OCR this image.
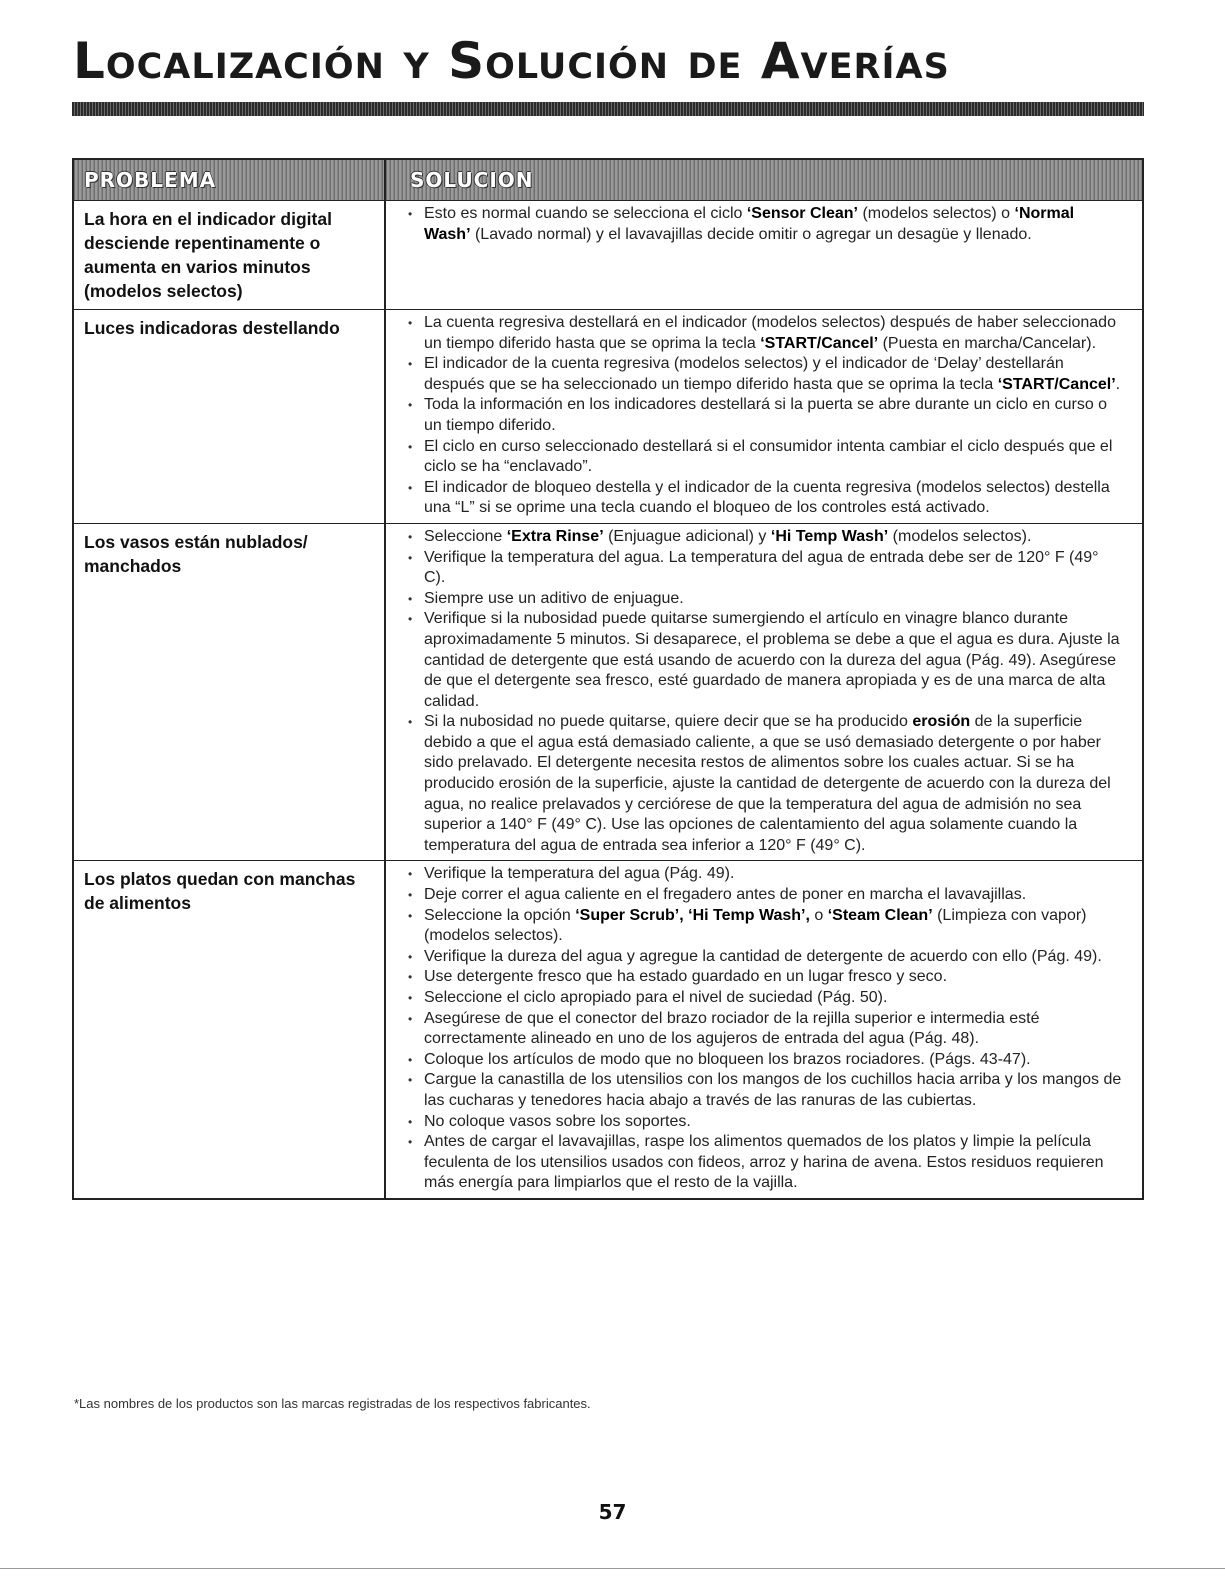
Localización y Solución de Averías
PROBLEMA	SOLUCION
La hora en el indicador digital desciende repentinamente o aumenta en varios minutos (modelos selectos)
• Esto es normal cuando se selecciona el ciclo ‘Sensor Clean’ (modelos selectos) o ‘Normal Wash’ (Lavado normal) y el lavavajillas decide omitir o agregar un desagüe y llenado.
Luces indicadoras destellando
•	La cuenta regresiva destellará en el indicador (modelos selectos) después de haber seleccionado un tiempo diferido hasta que se oprima la tecla ‘START/Cancel’ (Puesta en marcha/Cancelar).
• El indicador de la cuenta regresiva (modelos selectos) y el indicador de ‘Delay’ destellarán después que se ha seleccionado un tiempo diferido hasta que se oprima la tecla ‘START/Cancel’.
• Toda la información en los indicadores destellará si la puerta se abre durante un ciclo en curso o un tiempo diferido.
• El ciclo en curso seleccionado destellará si el consumidor intenta cambiar el ciclo después que el ciclo se ha “enclavado”.
• El indicador de bloqueo destella y el indicador de la cuenta regresiva (modelos selectos) destella una “L” si se oprime una tecla cuando el bloqueo de los controles está activado.
Los vasos están nublados/ manchados
• Seleccione ‘Extra Rinse’ (Enjuague adicional) y ‘Hi Temp Wash’ (modelos selectos).
• Verifique la temperatura del agua. La temperatura del agua de entrada debe ser de 120° F (49° C).
• Siempre use un aditivo de enjuague.
• Verifique si la nubosidad puede quitarse sumergiendo el artículo en vinagre blanco durante aproximadamente 5 minutos. Si desaparece, el problema se debe a que el agua es dura. Ajuste la cantidad de detergente que está usando de acuerdo con la dureza del agua (Pág. 49). Asegúrese de que el detergente sea fresco, esté guardado de manera apropiada y es de una marca de alta calidad.
• Si la nubosidad no puede quitarse, quiere decir que se ha producido erosión de la superficie debido a que el agua está demasiado caliente, a que se usó demasiado detergente o por haber sido prelavado. El detergente necesita restos de alimentos sobre los cuales actuar. Si se ha producido erosión de la superficie, ajuste la cantidad de detergente de acuerdo con la dureza del agua, no realice prelavados y cerciórese de que la temperatura del agua de admisión no sea superior a 140° F (49° C). Use las opciones de calentamiento del agua solamente cuando la temperatura del agua de entrada sea inferior a 120° F (49° C).
Los platos quedan con manchas de alimentos
• Verifique la temperatura del agua (Pág. 49).
• Deje correr el agua caliente en el fregadero antes de poner en marcha el lavavajillas.
• Seleccione la opción ‘Super Scrub’, ‘Hi Temp Wash’, o ‘Steam Clean’ (Limpieza con vapor) (modelos selectos).
• Verifique la dureza del agua y agregue la cantidad de detergente de acuerdo con ello (Pág. 49).
• Use detergente fresco que ha estado guardado en un lugar fresco y seco.
• Seleccione el ciclo apropiado para el nivel de suciedad (Pág. 50).
• Asegúrese de que el conector del brazo rociador de la rejilla superior e intermedia esté correctamente alineado en uno de los agujeros de entrada del agua (Pág. 48).
• Coloque los artículos de modo que no bloqueen los brazos rociadores. (Págs. 43-47).
• Cargue la canastilla de los utensilios con los mangos de los cuchillos hacia arriba y los mangos de las cucharas y tenedores hacia abajo a través de las ranuras de las cubiertas.
• No coloque vasos sobre los soportes.
• Antes de cargar el lavavajillas, raspe los alimentos quemados de los platos y limpie la película feculenta de los utensilios usados con fideos, arroz y harina de avena. Estos residuos requieren más energía para limpiarlos que el resto de la vajilla.
*Las nombres de los productos son las marcas registradas de los respectivos fabricantes.
57
